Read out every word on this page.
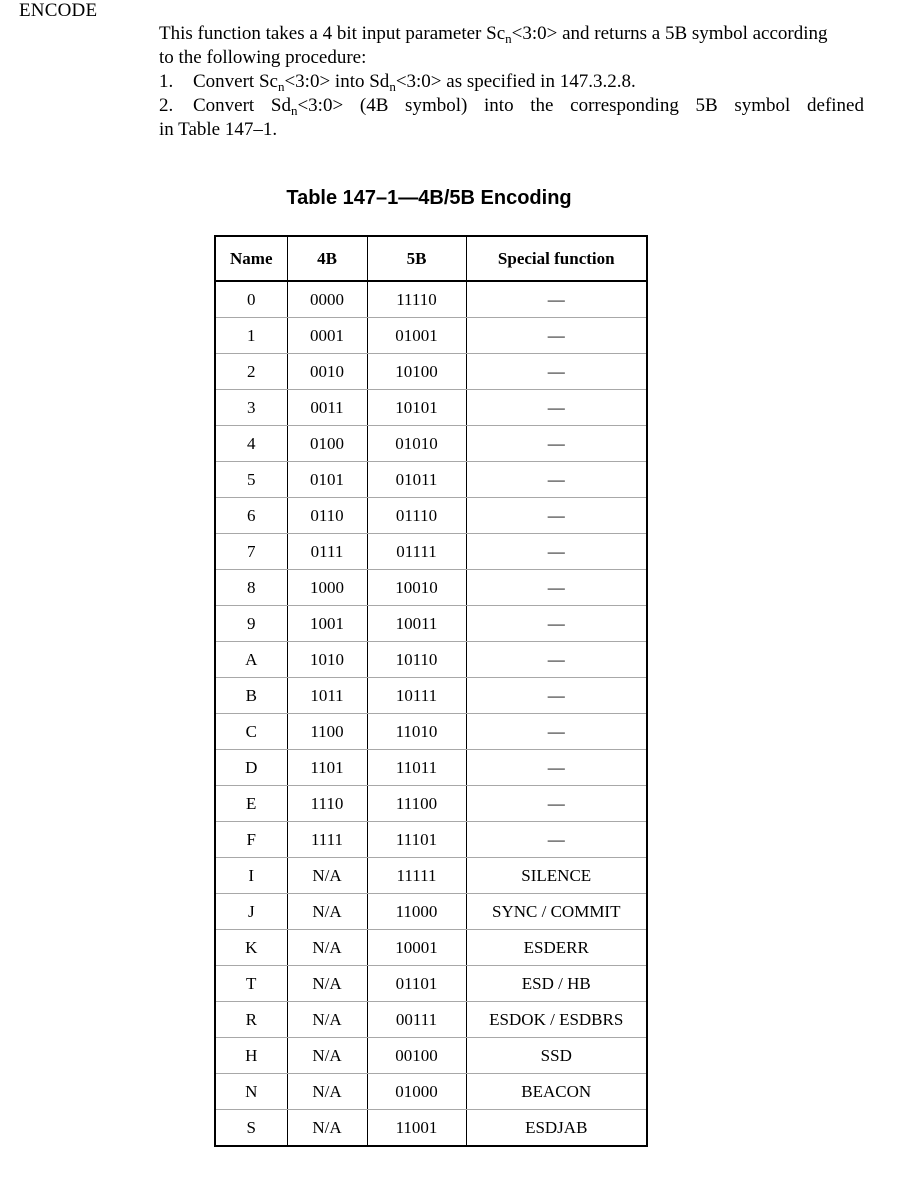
ENCODE

This function takes a 4 bit input parameter $Sc_n<3:0>$ and returns a 5B symbol according

to the following procedure:

1.	Convert $Sc_n<3:0>$ into $Sd_n<3:0>$ as specified in 147.3.2.8.

2.	Convert $Sd_n<3:0> (4B$ symbol) into the corresponding 5B symbol defined

in Table 147–1.

Table 147–1—4B/5B Encoding
Name	4B	5B	Special function
0	0000	11110	—
1	0001	01001	—
2	0010	10100	—
3	0011	10101	—
4	0100	01010	—
5	0101	01011	—
6	0110	01110	—
7	0111	01111	—
8	1000	10010	—
9	1001	10011	—
A	1010	10110	—
B	1011	10111	—
C	1100	11010	—
D	1101	11011	—
E	1110	11100	—
F	1111	11101	—
I	N/A	11111	SILENCE
J	N/A	11000	SYNC / COMMIT
K	N/A	10001	ESDERR
T	N/A	01101	ESD / HB
R	N/A	00111	ESDOK / ESDBRS
H	N/A	00100	SSD
N	N/A	01000	BEACON
S	N/A	11001	ESDJAB
